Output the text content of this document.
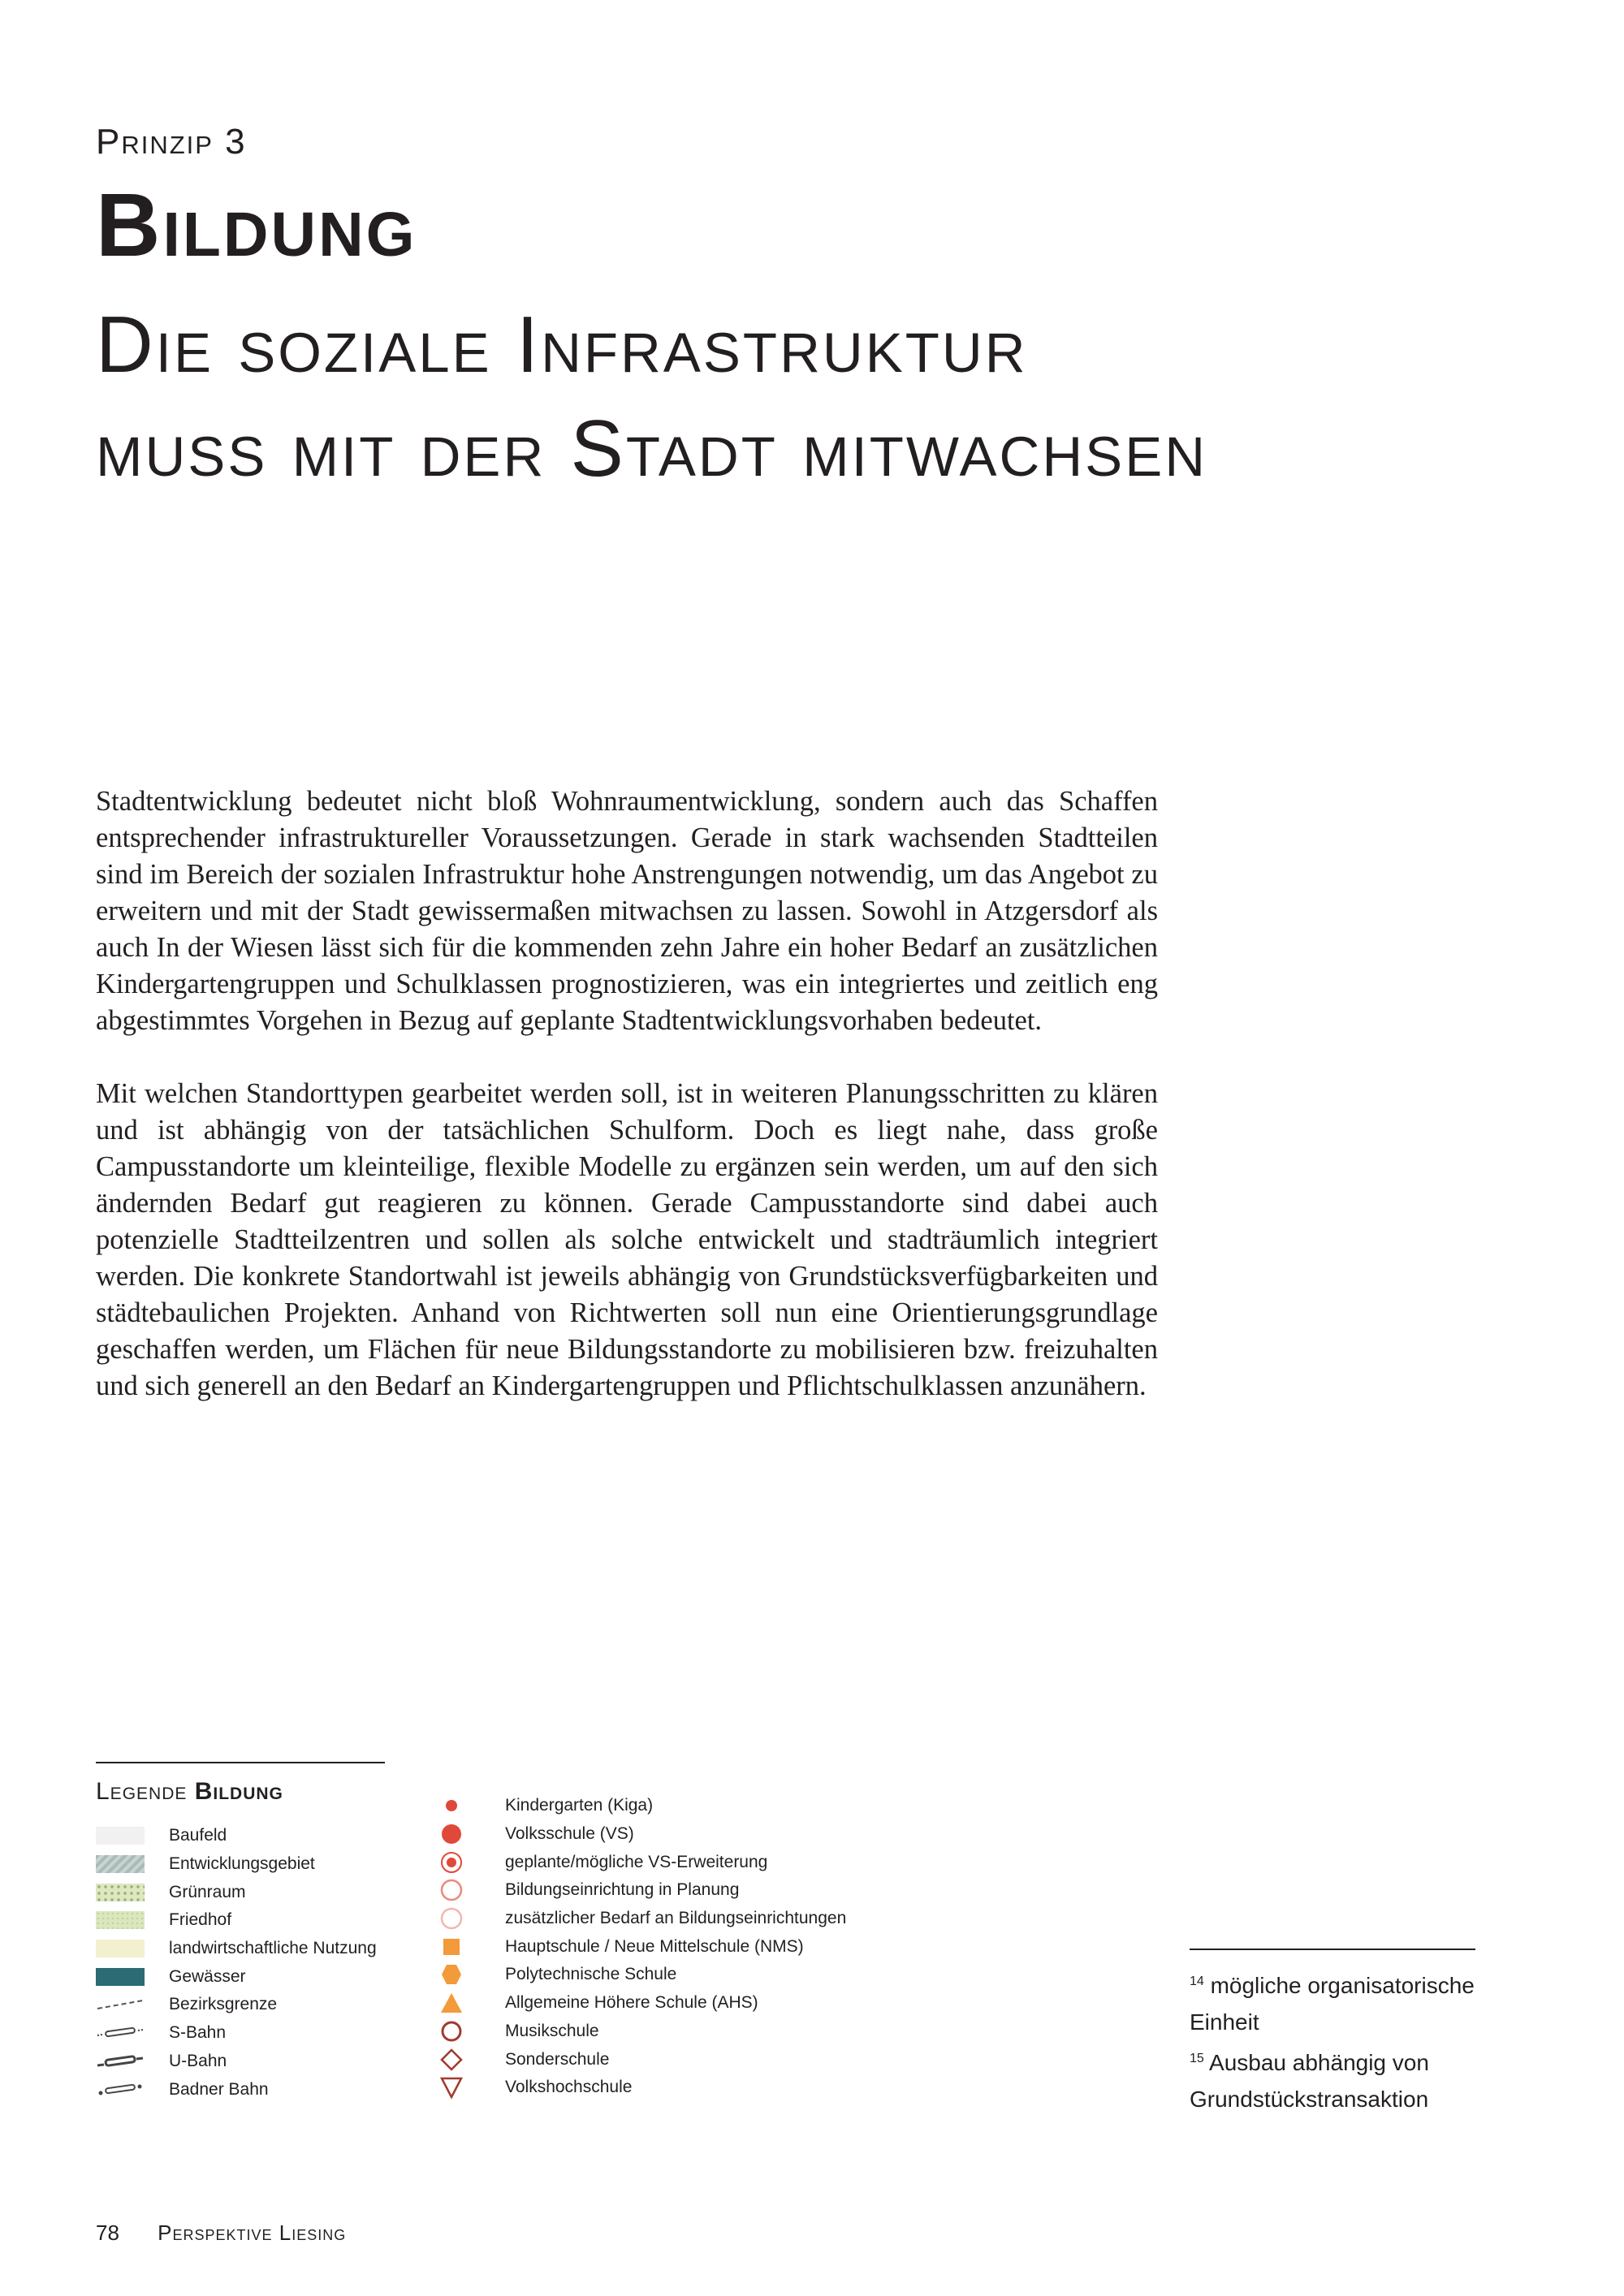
Prinzip 3
Bildung
Die soziale Infrastruktur
muss mit der Stadt mitwachsen

Stadtentwicklung bedeutet nicht bloß Wohnraumentwicklung, sondern auch das Schaffen entsprechender infrastruktureller Voraussetzungen. Gerade in stark wachsenden Stadtteilen sind im Bereich der sozialen Infrastruktur hohe Anstrengungen notwendig, um das Angebot zu erweitern und mit der Stadt gewissermaßen mitwachsen zu lassen. Sowohl in Atzgersdorf als auch In der Wiesen lässt sich für die kommenden zehn Jahre ein hoher Bedarf an zusätzlichen Kindergartengruppen und Schulklassen prognostizieren, was ein integriertes und zeitlich eng abgestimmtes Vorgehen in Bezug auf geplante Stadtentwicklungsvorhaben bedeutet.

Mit welchen Standorttypen gearbeitet werden soll, ist in weiteren Planungsschritten zu klären und ist abhängig von der tatsächlichen Schulform. Doch es liegt nahe, dass große Campusstandorte um kleinteilige, flexible Modelle zu ergänzen sein werden, um auf den sich ändernden Bedarf gut reagieren zu können. Gerade Campusstandorte sind dabei auch potenzielle Stadtteilzentren und sollen als solche entwickelt und stadträumlich integriert werden. Die konkrete Standortwahl ist jeweils abhängig von Grundstücksverfügbarkeiten und städtebaulichen Projekten. Anhand von Richtwerten soll nun eine Orientierungsgrundlage geschaffen werden, um Flächen für neue Bildungsstandorte zu mobilisieren bzw. freizuhalten und sich generell an den Bedarf an Kindergartengruppen und Pflichtschulklassen anzunähern.

Legende Bildung
Baufeld
Entwicklungsgebiet
Grünraum
Friedhof
landwirtschaftliche Nutzung
Gewässer
Bezirksgrenze
S-Bahn
U-Bahn
Badner Bahn
Kindergarten (Kiga)
Volksschule (VS)
geplante/mögliche VS-Erweiterung
Bildungseinrichtung in Planung
zusätzlicher Bedarf an Bildungseinrichtungen
Hauptschule / Neue Mittelschule (NMS)
Polytechnische Schule
Allgemeine Höhere Schule (AHS)
Musikschule
Sonderschule
Volkshochschule
$^{14}$ mögliche organisatorische Einheit
$^{15}$ Ausbau abhängig von Grundstückstransaktion
78 Perspektive Liesing
